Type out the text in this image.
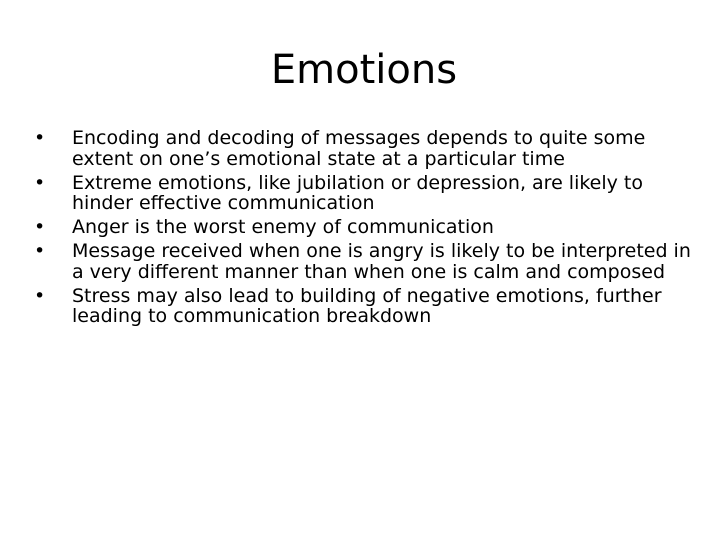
Emotions
• Encoding and decoding of messages depends to quite some extent on one’s emotional state at a particular time
• Extreme emotions, like jubilation or depression, are likely to hinder effective communication
• Anger is the worst enemy of communication
• Message received when one is angry is likely to be interpreted in a very different manner than when one is calm and composed
• Stress may also lead to building of negative emotions, further leading to communication breakdown
